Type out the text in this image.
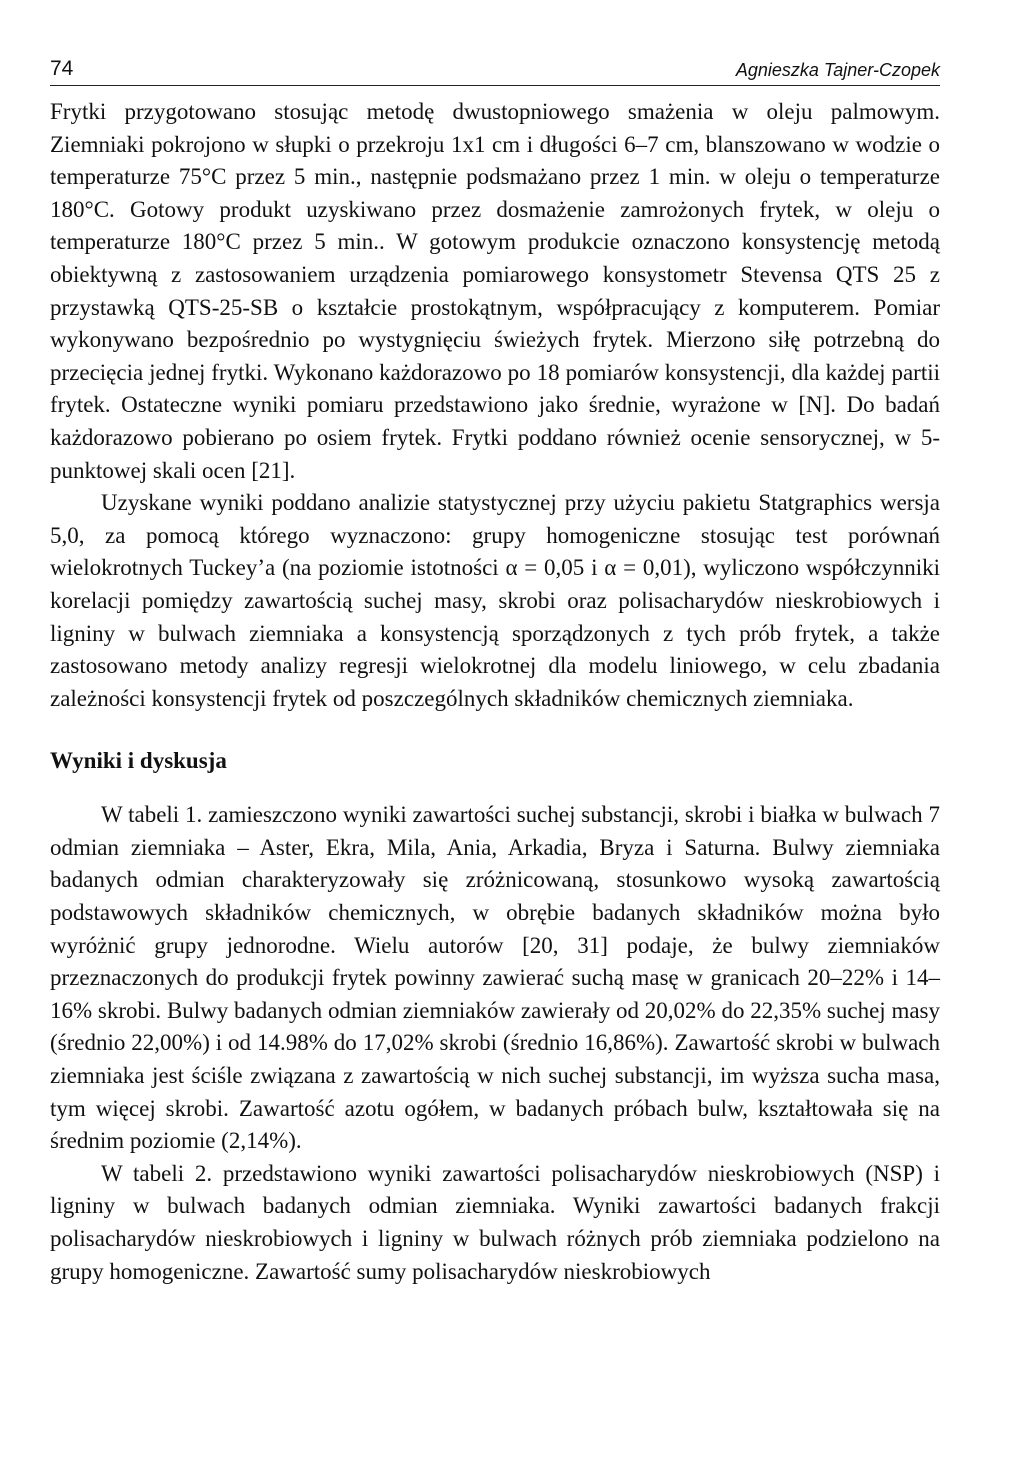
74	Agnieszka Tajner-Czopek

Frytki przygotowano stosując metodę dwustopniowego smażenia w oleju palmowym. Ziemniaki pokrojono w słupki o przekroju 1x1 cm i długości 6–7 cm, blanszowano w wodzie o temperaturze 75°C przez 5 min., następnie podsmażano przez 1 min. w oleju o temperaturze 180°C. Gotowy produkt uzyskiwano przez dosmażenie zamrożonych frytek, w oleju o temperaturze 180°C przez 5 min.. W gotowym produkcie oznaczono konsystencję metodą obiektywną z zastosowaniem urządzenia pomiarowego konsystometr Stevensa QTS 25 z przystawką QTS-25-SB o kształcie prostokątnym, współpracujący z komputerem. Pomiar wykonywano bezpośrednio po wystygnięciu świeżych frytek. Mierzono siłę potrzebną do przecięcia jednej frytki. Wykonano każdorazowo po 18 pomiarów konsystencji, dla każdej partii frytek. Ostateczne wyniki pomiaru przedstawiono jako średnie, wyrażone w [N]. Do badań każdorazowo pobierano po osiem frytek. Frytki poddano również ocenie sensorycznej, w 5-punktowej skali ocen [21].

Uzyskane wyniki poddano analizie statystycznej przy użyciu pakietu Statgraphics wersja 5,0, za pomocą którego wyznaczono: grupy homogeniczne stosując test porównań wielokrotnych Tuckey’a (na poziomie istotności α = 0,05 i α = 0,01), wyliczono współczynniki korelacji pomiędzy zawartością suchej masy, skrobi oraz polisacharydów nieskrobiowych i ligniny w bulwach ziemniaka a konsystencją sporządzonych z tych prób frytek, a także zastosowano metody analizy regresji wielokrotnej dla modelu liniowego, w celu zbadania zależności konsystencji frytek od poszczególnych składników chemicznych ziemniaka.

Wyniki i dyskusja

W tabeli 1. zamieszczono wyniki zawartości suchej substancji, skrobi i białka w bulwach 7 odmian ziemniaka – Aster, Ekra, Mila, Ania, Arkadia, Bryza i Saturna. Bulwy ziemniaka badanych odmian charakteryzowały się zróżnicowaną, stosunkowo wysoką zawartością podstawowych składników chemicznych, w obrębie badanych składników można było wyróżnić grupy jednorodne. Wielu autorów [20, 31] podaje, że bulwy ziemniaków przeznaczonych do produkcji frytek powinny zawierać suchą masę w granicach 20–22% i 14–16% skrobi. Bulwy badanych odmian ziemniaków zawierały od 20,02% do 22,35% suchej masy (średnio 22,00%) i od 14.98% do 17,02% skrobi (średnio 16,86%). Zawartość skrobi w bulwach ziemniaka jest ściśle związana z zawartością w nich suchej substancji, im wyższa sucha masa, tym więcej skrobi. Zawartość azotu ogółem, w badanych próbach bulw, kształtowała się na średnim poziomie (2,14%).

W tabeli 2. przedstawiono wyniki zawartości polisacharydów nieskrobiowych (NSP) i ligniny w bulwach badanych odmian ziemniaka. Wyniki zawartości badanych frakcji polisacharydów nieskrobiowych i ligniny w bulwach różnych prób ziemniaka podzielono na grupy homogeniczne. Zawartość sumy polisacharydów nieskrobiowych
